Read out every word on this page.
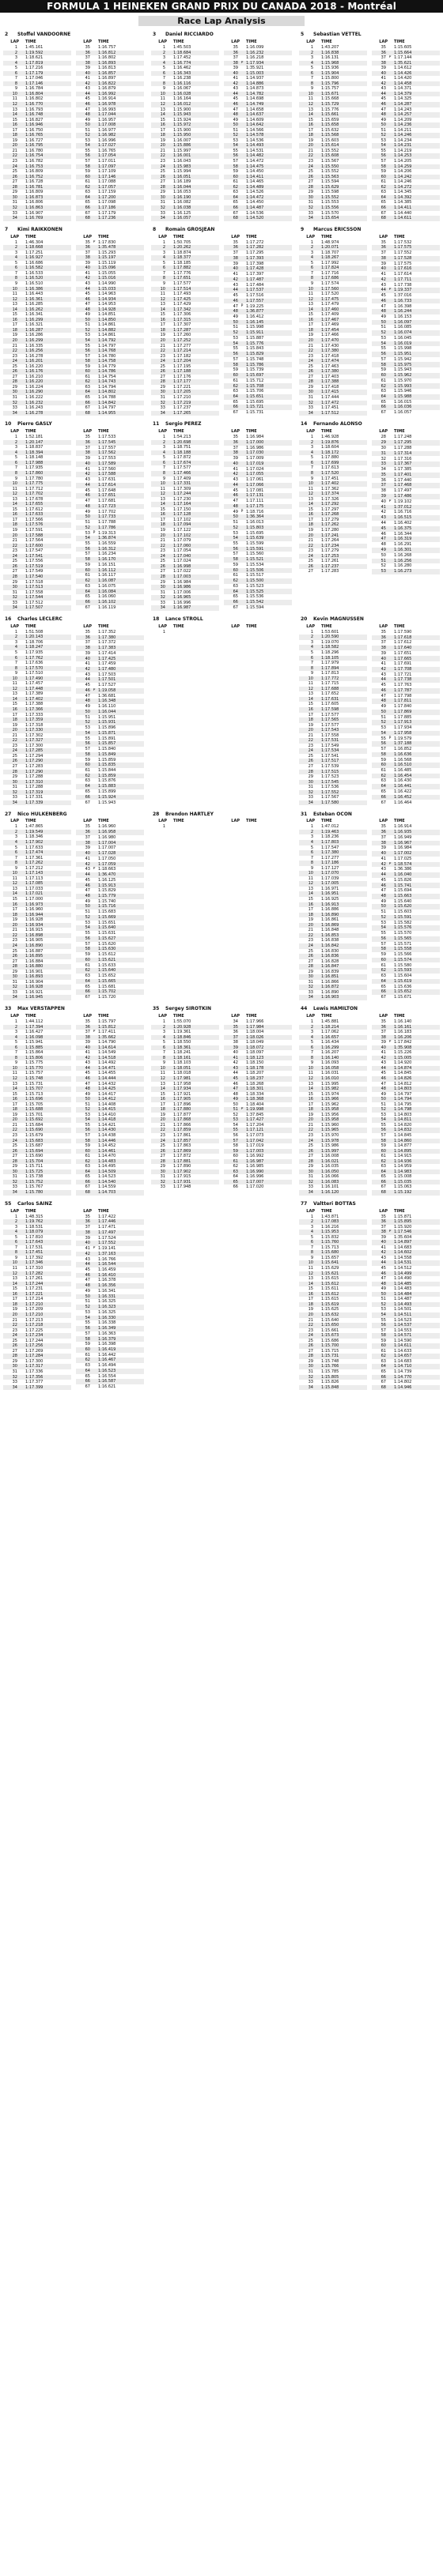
FORMULA 1 HEINEKEN GRAND PRIX DU CANADA 2018 - Montréal
Race Lap Analysis
2	Stoffel VANDOORNE
LAP		TIME
1		1:45.161
2		1:19.592
3		1:18.621
4		1:17.819
5		1:17.216
6		1:17.179
7		1:17.046
8		1:17.146
9		1:16.784
10		1:16.804
11		1:16.802
12		1:16.770
13		1:16.793
14		1:16.748
15		1:16.827
16		1:16.946
17		1:16.750
18		1:16.765
19		1:16.727
20		1:16.795
21		1:16.780
22		1:16.754
23		1:16.782
24		1:16.753
25		1:16.809
26		1:16.752
27		1:16.728
28		1:16.781
29		1:16.809
30		1:16.873
31		1:16.806
32		1:16.863
33		1:16.907
34		1:16.769
LAP		TIME
35		1:16.757
36		1:16.812
37		1:16.802
38		1:16.893
39		1:16.813
40		1:16.857
41		1:16.897
42		1:16.822
43		1:16.879
44		1:16.992
45		1:16.914
46		1:16.978
47		1:16.993
48		1:17.044
49		1:16.957
50		1:17.008
51		1:16.977
52		1:16.982
53		1:16.996
54		1:17.027
55		1:16.765
56		1:17.054
57		1:17.011
58		1:17.097
59		1:17.109
60		1:17.146
61		1:17.088
62		1:17.057
63		1:17.159
64		1:17.200
65		1:17.098
66		1:17.186
67		1:17.179
68		1:17.236
3	Daniel RICCIARDO
LAP		TIME
1		1:45.503
2		1:18.684
3		1:17.452
4		1:16.774
5		1:16.462
6		1:16.343
7		1:16.238
8		1:16.116
9		1:16.067
10		1:16.028
11		1:16.164
12		1:16.012
13		1:15.900
14		1:15.943
15		1:15.924
16		1:15.972
17		1:15.900
18		1:15.950
19		1:16.007
20		1:15.886
21		1:15.997
22		1:16.001
23		1:16.043
24		1:15.983
25		1:15.994
26		1:16.051
27		1:16.189
28		1:16.044
29		1:16.053
30		1:16.190
31		1:16.082
32		1:16.038
33		1:16.125
34		1:16.057
LAP		TIME
35		1:16.099
36		1:16.232
37		1:16.218
38	P	1:17.934
39		1:35.921
40		1:15.003
41		1:14.937
42		1:14.886
43		1:14.873
44		1:14.782
45		1:14.698
46		1:14.749
47		1:14.658
48		1:14.637
49		1:14.609
50		1:14.642
51		1:14.566
52		1:14.578
53		1:14.536
54		1:14.493
55		1:14.531
56		1:14.482
57		1:14.472
58		1:14.475
59		1:14.450
60		1:14.411
61		1:14.465
62		1:14.489
63		1:14.526
64		1:14.472
65		1:14.450
66		1:14.487
67		1:14.536
68		1:14.520
5	Sebastian VETTEL
LAP		TIME
1		1:43.207
2		1:16.838
3		1:16.131
4		1:15.968
5		1:15.936
6		1:15.904
7		1:15.800
8		1:15.796
9		1:15.757
10		1:15.671
11		1:15.668
12		1:15.729
13		1:15.776
14		1:15.661
15		1:15.659
16		1:15.658
17		1:15.632
18		1:15.568
19		1:15.603
20		1:15.614
21		1:15.552
22		1:15.608
23		1:15.567
24		1:15.550
25		1:15.552
26		1:15.563
27		1:15.594
28		1:15.629
29		1:15.598
30		1:15.552
31		1:15.553
32		1:15.556
33		1:15.570
34		1:15.654
LAP		TIME
35		1:15.605
36		1:15.664
37	P	1:17.144
38		1:35.621
39		1:14.612
40		1:14.426
41		1:14.420
42		1:14.458
43		1:14.371
44		1:14.379
45		1:14.325
46		1:14.287
47		1:14.243
48		1:14.257
49		1:14.209
50		1:14.236
51		1:14.211
52		1:14.246
53		1:14.234
54		1:14.231
55		1:14.219
56		1:14.253
57		1:14.205
58		1:14.259
59		1:14.206
60		1:14.242
61		1:14.246
62		1:14.272
63		1:14.345
64		1:14.392
65		1:14.385
66		1:14.411
67		1:14.440
68		1:14.611
7	Kimi RAIKKONEN
LAP		TIME
1		1:46.304
2		1:18.668
3		1:17.251
4		1:16.927
5		1:16.686
6		1:16.582
7		1:16.533
8		1:16.520
9		1:16.510
10		1:16.386
11		1:16.443
12		1:16.361
13		1:16.285
14		1:16.262
15		1:16.341
16		1:16.299
17		1:16.321
18		1:16.287
19		1:16.286
20		1:16.299
21		1:16.335
22		1:16.256
23		1:16.278
24		1:16.201
25		1:16.220
26		1:16.176
27		1:16.210
28		1:16.220
29		1:16.224
30		1:16.290
31		1:16.222
32		1:16.232
33		1:16.243
34		1:16.278
LAP		TIME
35	P	1:17.830
36		1:35.478
37		1:15.293
38		1:15.197
39		1:15.119
40		1:15.096
41		1:15.055
42		1:15.016
43		1:14.990
44		1:15.033
45		1:14.963
46		1:14.934
47		1:14.953
48		1:14.928
49		1:14.851
50		1:14.850
51		1:14.861
52		1:14.882
53		1:14.861
54		1:14.792
55		1:14.797
56		1:14.768
57		1:14.780
58		1:14.758
59		1:14.779
60		1:14.786
61		1:14.754
62		1:14.743
63		1:14.794
64		1:14.802
65		1:14.788
66		1:14.842
67		1:14.797
68		1:14.955
8	Romain GROSJEAN
LAP		TIME
1		1:50.705
2		1:20.262
3		1:18.874
4		1:18.377
5		1:18.185
6		1:17.882
7		1:17.776
8		1:17.651
9		1:17.577
10		1:17.514
11		1:17.493
12		1:17.425
13		1:17.429
14		1:17.342
15		1:17.306
16		1:17.315
17		1:17.307
18		1:17.287
19		1:17.260
20		1:17.252
21		1:17.277
22		1:17.214
23		1:17.182
24		1:17.204
25		1:17.195
26		1:17.188
27		1:17.176
28		1:17.177
29		1:17.221
30		1:17.205
31		1:17.210
32		1:17.219
33		1:17.237
34		1:17.265
LAP		TIME
35		1:17.272
36		1:17.282
37		1:17.295
38		1:17.393
39		1:17.398
40		1:17.428
41		1:17.397
42		1:17.487
43		1:17.484
44		1:17.537
45		1:17.516
46		1:17.557
47	P	1:19.225
48		1:36.877
49		1:16.412
50		1:16.145
51		1:15.998
52		1:15.911
53		1:15.887
54		1:15.776
55		1:15.843
56		1:15.829
57		1:15.748
58		1:15.786
59		1:15.739
60		1:15.697
61		1:15.712
62		1:15.708
63		1:15.706
64		1:15.651
65		1:15.695
66		1:15.721
67		1:15.731
9	Marcus ERICSSON
LAP		TIME
1		1:48.974
2		1:20.071
3		1:18.707
4		1:18.267
5		1:17.992
6		1:17.824
7		1:17.716
8		1:17.686
9		1:17.574
10		1:17.560
11		1:17.520
12		1:17.475
13		1:17.479
14		1:17.460
15		1:17.409
16		1:17.467
17		1:17.469
18		1:17.454
19		1:17.466
20		1:17.470
21		1:17.430
22		1:17.380
23		1:17.418
24		1:17.474
25		1:17.463
26		1:17.380
27		1:17.403
28		1:17.388
29		1:17.418
30		1:17.415
31		1:17.444
32		1:17.472
33		1:17.451
34		1:17.512
LAP		TIME
35		1:17.532
36		1:17.575
37		1:17.552
38		1:17.528
39		1:17.575
40		1:17.616
41		1:17.614
42		1:17.711
43		1:17.738
44	P	1:19.337
45		1:37.016
46		1:16.733
47		1:16.398
48		1:16.244
49		1:16.153
50		1:16.097
51		1:16.085
52		1:16.074
53		1:16.045
54		1:16.019
55		1:15.998
56		1:15.951
57		1:15.942
58		1:15.975
59		1:15.943
60		1:15.962
61		1:15.970
62		1:15.993
63		1:15.946
64		1:15.988
65		1:16.015
66		1:16.036
67		1:16.057
10	Pierre GASLY
LAP		TIME
1		1:52.181
2		1:20.147
3		1:18.837
4		1:18.394
5		1:18.148
6		1:17.988
7		1:17.935
8		1:17.860
9		1:17.780
10		1:17.775
11		1:17.712
12		1:17.702
13		1:17.678
14		1:17.655
15		1:17.612
16		1:17.633
17		1:17.566
18		1:17.576
19		1:17.591
20		1:17.588
21		1:17.564
22		1:17.600
23		1:17.547
24		1:17.541
25		1:17.556
26		1:17.519
27		1:17.549
28		1:17.540
29		1:17.518
30		1:17.513
31		1:17.558
32		1:17.544
33		1:17.512
34		1:17.507
LAP		TIME
35		1:17.533
36		1:17.545
37		1:17.557
38		1:17.562
39		1:17.553
40		1:17.589
41		1:17.560
42		1:17.588
43		1:17.631
44		1:17.614
45		1:17.648
46		1:17.651
47		1:17.681
48		1:17.723
49		1:17.702
50		1:17.733
51		1:17.788
52		1:17.786
53	P	1:19.313
54		1:36.874
55		1:16.559
56		1:16.312
57		1:16.234
58		1:16.170
59		1:16.151
60		1:16.112
61		1:16.117
62		1:16.087
63		1:16.075
64		1:16.084
65		1:16.060
66		1:16.102
67		1:16.119
11	Sergio PEREZ
LAP		TIME
1		1:54.213
2		1:20.698
3		1:18.751
4		1:18.188
5		1:17.872
6		1:17.674
7		1:17.577
8		1:17.466
9		1:17.409
10		1:17.331
11		1:17.309
12		1:17.244
13		1:17.230
14		1:17.164
15		1:17.150
16		1:17.128
17		1:17.102
18		1:17.094
19		1:17.122
20		1:17.102
21		1:17.079
22		1:17.060
23		1:17.054
24		1:17.040
25		1:17.024
26		1:16.998
27		1:17.022
28		1:17.003
29		1:16.984
30		1:16.986
31		1:17.006
32		1:16.965
33		1:16.996
34		1:16.987
LAP		TIME
35		1:16.984
36		1:17.000
37		1:16.986
38		1:17.030
39		1:17.009
40		1:17.019
41		1:17.024
42		1:17.055
43		1:17.061
44		1:17.066
45		1:17.081
46		1:17.131
47		1:17.111
48		1:17.175
49	P	1:18.716
50		1:36.364
51		1:16.013
52		1:15.803
53		1:15.695
54		1:15.639
55		1:15.599
56		1:15.591
57		1:15.560
58		1:15.521
59		1:15.534
60		1:15.506
61		1:15.517
62		1:15.500
63		1:15.523
64		1:15.525
65		1:15.536
66		1:15.542
67		1:15.594
14	Fernando ALONSO
LAP		TIME
1		1:46.928
2		1:19.876
3		1:18.604
4		1:18.172
5		1:17.880
6		1:17.699
7		1:17.613
8		1:17.520
9		1:17.451
10		1:17.402
11		1:17.362
12		1:17.374
13		1:17.326
14		1:17.292
15		1:17.297
16		1:17.268
17		1:17.279
18		1:17.262
19		1:17.280
20		1:17.241
21		1:17.264
22		1:17.234
23		1:17.279
24		1:17.253
25		1:17.261
26		1:17.237
27		1:17.283
LAP		TIME
28		1:17.248
29		1:17.295
30		1:17.288
31		1:17.314
32		1:17.316
33		1:17.367
34		1:17.385
35		1:17.401
36		1:17.440
37		1:17.468
38		1:17.497
39		1:17.486
40	P	1:19.102
41		1:37.012
42		1:16.716
43		1:16.515
44		1:16.402
45		1:16.375
46		1:16.344
47		1:16.319
48		1:16.291
49		1:16.301
50		1:16.268
51		1:16.256
52		1:16.280
53		1:16.273
16	Charles LECLERC
LAP		TIME
1		1:51.508
2		1:20.143
3		1:18.706
4		1:18.247
5		1:17.935
6		1:17.762
7		1:17.636
8		1:17.570
9		1:17.510
10		1:17.490
11		1:17.457
12		1:17.448
13		1:17.389
14		1:17.402
15		1:17.388
16		1:17.366
17		1:17.333
18		1:17.359
19		1:17.318
20		1:17.330
21		1:17.302
22		1:17.327
23		1:17.300
24		1:17.285
25		1:17.294
26		1:17.290
27		1:17.283
28		1:17.290
29		1:17.288
30		1:17.310
31		1:17.288
32		1:17.319
33		1:17.331
34		1:17.339
LAP		TIME
35		1:17.352
36		1:17.380
37		1:17.372
38		1:17.383
39		1:17.414
40		1:17.425
41		1:17.459
42		1:17.480
43		1:17.503
44		1:17.501
45		1:17.527
46	P	1:19.058
47		1:36.681
48		1:16.348
49		1:16.110
50		1:16.044
51		1:15.951
52		1:15.931
53		1:15.896
54		1:15.871
55		1:15.891
56		1:15.857
57		1:15.840
58		1:15.849
59		1:15.859
60		1:15.835
61		1:15.844
62		1:15.859
63		1:15.876
64		1:15.883
65		1:15.899
66		1:15.924
67		1:15.943
18	Lance STROLL
LAP		TIME
1		
LAP		TIME
20	Kevin MAGNUSSEN
LAP		TIME
1		1:53.601
2		1:20.590
3		1:19.070
4		1:18.582
5		1:18.296
6		1:18.105
7		1:17.979
8		1:17.894
9		1:17.813
10		1:17.772
11		1:17.715
12		1:17.688
13		1:17.652
14		1:17.631
15		1:17.605
16		1:17.598
17		1:17.577
18		1:17.565
19		1:17.577
20		1:17.543
21		1:17.558
22		1:17.531
23		1:17.549
24		1:17.534
25		1:17.541
26		1:17.517
27		1:17.539
28		1:17.515
29		1:17.523
30		1:17.545
31		1:17.536
32		1:17.552
33		1:17.567
34		1:17.580
LAP		TIME
35		1:17.590
36		1:17.618
37		1:17.612
38		1:17.640
39		1:17.651
40		1:17.665
41		1:17.691
42		1:17.708
43		1:17.721
44		1:17.738
45		1:17.763
46		1:17.787
47		1:17.798
48		1:17.811
49		1:17.840
50		1:17.869
51		1:17.885
52		1:17.913
53		1:17.934
54		1:17.958
55	P	1:19.579
56		1:37.188
57		1:16.852
58		1:16.636
59		1:16.568
60		1:16.510
61		1:16.485
62		1:16.454
63		1:16.430
64		1:16.441
65		1:16.422
66		1:16.452
67		1:16.464
27	Nico HULKENBERG
LAP		TIME
1		1:47.865
2		1:19.549
3		1:18.346
4		1:17.902
5		1:17.633
6		1:17.474
7		1:17.361
8		1:17.262
9		1:17.212
10		1:17.143
11		1:17.113
12		1:17.085
13		1:17.033
14		1:17.021
15		1:17.000
16		1:16.973
17		1:16.960
18		1:16.944
19		1:16.928
20		1:16.934
21		1:16.915
22		1:16.898
23		1:16.905
24		1:16.890
25		1:16.887
26		1:16.895
27		1:16.884
28		1:16.880
29		1:16.901
30		1:16.893
31		1:16.904
32		1:16.928
33		1:16.921
34		1:16.945
LAP		TIME
35		1:16.960
36		1:16.958
37		1:16.980
38		1:17.004
39		1:17.007
40		1:17.028
41		1:17.050
42		1:17.059
43	P	1:18.663
44		1:36.470
45		1:16.125
46		1:15.913
47		1:15.829
48		1:15.779
49		1:15.740
50		1:15.716
51		1:15.683
52		1:15.669
53		1:15.651
54		1:15.640
55		1:15.631
56		1:15.627
57		1:15.620
58		1:15.630
59		1:15.612
60		1:15.621
61		1:15.633
62		1:15.640
63		1:15.652
64		1:15.665
65		1:15.681
66		1:15.702
67		1:15.720
28	Brendon HARTLEY
LAP		TIME
1		
LAP		TIME
31	Esteban OCON
LAP		TIME
1		1:47.012
2		1:19.463
3		1:18.236
4		1:17.803
5		1:17.547
6		1:17.380
7		1:17.277
8		1:17.186
9		1:17.127
10		1:17.070
11		1:17.039
12		1:17.005
13		1:16.971
14		1:16.951
15		1:16.925
16		1:16.913
17		1:16.886
18		1:16.890
19		1:16.861
20		1:16.869
21		1:16.848
22		1:16.853
23		1:16.838
24		1:16.842
25		1:16.830
26		1:16.836
27		1:16.828
28		1:16.847
29		1:16.839
30		1:16.851
31		1:16.866
32		1:16.872
33		1:16.890
34		1:16.903
LAP		TIME
35		1:16.914
36		1:16.935
37		1:16.949
38		1:16.967
39		1:16.984
40		1:17.002
41		1:17.025
42	P	1:18.574
43		1:36.386
44		1:16.040
45		1:15.826
46		1:15.741
47		1:15.694
48		1:15.663
49		1:15.640
50		1:15.620
51		1:15.603
52		1:15.591
53		1:15.582
54		1:15.576
55		1:15.570
56		1:15.565
57		1:15.571
58		1:15.558
59		1:15.566
60		1:15.574
61		1:15.580
62		1:15.593
63		1:15.604
64		1:15.619
65		1:15.636
66		1:15.652
67		1:15.671
33	Max VERSTAPPEN
LAP		TIME
1		1:44.112
2		1:17.394
3		1:16.427
4		1:16.098
5		1:15.941
6		1:15.885
7		1:15.864
8		1:15.806
9		1:15.775
10		1:15.770
11		1:15.757
12		1:15.748
13		1:15.731
14		1:15.707
15		1:15.713
16		1:15.696
17		1:15.705
18		1:15.688
19		1:15.701
20		1:15.692
21		1:15.684
22		1:15.690
23		1:15.679
24		1:15.683
25		1:15.687
26		1:15.694
27		1:15.690
28		1:15.704
29		1:15.711
30		1:15.725
31		1:15.738
32		1:15.752
33		1:15.767
34		1:15.780
LAP		TIME
35		1:15.797
36		1:15.812
37	P	1:17.411
38		1:35.662
39		1:14.790
40		1:14.614
41		1:14.549
42		1:14.518
43		1:14.492
44		1:14.471
45		1:14.455
46		1:14.444
47		1:14.432
48		1:14.425
49		1:14.417
50		1:14.412
51		1:14.408
52		1:14.415
53		1:14.410
54		1:14.418
55		1:14.421
56		1:14.430
57		1:14.438
58		1:14.446
59		1:14.452
60		1:14.461
61		1:14.470
62		1:14.483
63		1:14.495
64		1:14.509
65		1:14.523
66		1:14.540
67		1:14.559
68		1:14.703
35	Sergey SIROTKIN
LAP		TIME
1		1:55.070
2		1:20.928
3		1:19.361
4		1:18.846
5		1:18.550
6		1:18.361
7		1:18.241
8		1:18.161
9		1:18.103
10		1:18.051
11		1:18.018
12		1:17.981
13		1:17.958
14		1:17.934
15		1:17.921
16		1:17.905
17		1:17.896
18		1:17.880
19		1:17.877
20		1:17.868
21		1:17.866
22		1:17.859
23		1:17.861
24		1:17.857
25		1:17.863
26		1:17.869
27		1:17.872
28		1:17.881
29		1:17.890
30		1:17.902
31		1:17.915
32		1:17.931
33		1:17.948
LAP		TIME
34		1:17.966
35		1:17.984
36		1:18.004
37		1:18.026
38		1:18.049
39		1:18.072
40		1:18.097
41		1:18.123
42		1:18.150
43		1:18.178
44		1:18.207
45		1:18.237
46		1:18.268
47		1:18.301
48		1:18.334
49		1:18.368
50		1:18.404
51	P	1:19.998
52		1:37.845
53		1:17.427
54		1:17.204
55		1:17.121
56		1:17.073
57		1:17.042
58		1:17.019
59		1:17.003
60		1:16.992
61		1:16.987
62		1:16.985
63		1:16.990
64		1:16.996
65		1:17.007
66		1:17.020
44	Lewis HAMILTON
LAP		TIME
1		1:45.881
2		1:18.214
3		1:17.062
4		1:16.657
5		1:16.434
6		1:16.299
7		1:16.207
8		1:16.140
9		1:16.093
10		1:16.058
11		1:16.031
12		1:16.010
13		1:15.995
14		1:15.982
15		1:15.974
16		1:15.966
17		1:15.962
18		1:15.958
19		1:15.956
20		1:15.958
21		1:15.960
22		1:15.965
23		1:15.970
24		1:15.978
25		1:15.986
26		1:15.997
27		1:16.008
28		1:16.021
29		1:16.035
30		1:16.050
31		1:16.066
32		1:16.083
33		1:16.101
34		1:16.120
LAP		TIME
35		1:16.140
36		1:16.161
37		1:16.183
38		1:16.206
39	P	1:17.842
40		1:35.908
41		1:15.226
42		1:15.005
43		1:14.920
44		1:14.874
45		1:14.845
46		1:14.826
47		1:14.812
48		1:14.803
49		1:14.797
50		1:14.794
51		1:14.795
52		1:14.798
53		1:14.803
54		1:14.811
55		1:14.820
56		1:14.832
57		1:14.845
58		1:14.860
59		1:14.877
60		1:14.895
61		1:14.915
62		1:14.936
63		1:14.959
64		1:14.983
65		1:15.008
66		1:15.035
67		1:15.063
68		1:15.192
55	Carlos SAINZ
LAP		TIME
1		1:48.315
2		1:19.762
3		1:18.531
4		1:18.079
5		1:17.810
6		1:17.643
7		1:17.531
8		1:17.451
9		1:17.392
10		1:17.346
11		1:17.310
12		1:17.282
13		1:17.261
14		1:17.244
15		1:17.231
16		1:17.221
17		1:17.214
18		1:17.210
19		1:17.209
20		1:17.210
21		1:17.213
22		1:17.218
23		1:17.225
24		1:17.234
25		1:17.244
26		1:17.256
27		1:17.269
28		1:17.284
29		1:17.300
30		1:17.317
31		1:17.336
32		1:17.356
33		1:17.377
34		1:17.399
LAP		TIME
35		1:17.422
36		1:17.446
37		1:17.471
38		1:17.497
39		1:17.524
40		1:17.552
41	P	1:19.141
42		1:37.163
43		1:16.766
44		1:16.544
45		1:16.459
46		1:16.410
47		1:16.378
48		1:16.356
49		1:16.341
50		1:16.331
51		1:16.325
52		1:16.323
53		1:16.325
54		1:16.330
55		1:16.338
56		1:16.349
57		1:16.363
58		1:16.379
59		1:16.398
60		1:16.419
61		1:16.442
62		1:16.467
63		1:16.494
64		1:16.523
65		1:16.554
66		1:16.587
67		1:16.621
77	Valtteri BOTTAS
LAP		TIME
1		1:43.871
2		1:17.083
3		1:16.216
4		1:15.953
5		1:15.832
6		1:15.760
7		1:15.713
8		1:15.680
9		1:15.657
10		1:15.641
11		1:15.629
12		1:15.621
13		1:15.615
14		1:15.612
15		1:15.611
16		1:15.612
17		1:15.615
18		1:15.619
19		1:15.625
20		1:15.632
21		1:15.640
22		1:15.650
23		1:15.661
24		1:15.673
25		1:15.686
26		1:15.700
27		1:15.715
28		1:15.731
29		1:15.748
30		1:15.766
31		1:15.785
32		1:15.805
33		1:15.826
34		1:15.848
LAP		TIME
35		1:15.871
36		1:15.895
37		1:15.920
38	P	1:17.546
39		1:35.604
40		1:14.897
41		1:14.683
42		1:14.602
43		1:14.558
44		1:14.531
45		1:14.512
46		1:14.499
47		1:14.490
48		1:14.485
49		1:14.483
50		1:14.484
51		1:14.487
52		1:14.493
53		1:14.501
54		1:14.511
55		1:14.523
56		1:14.537
57		1:14.553
58		1:14.571
59		1:14.590
60		1:14.611
61		1:14.633
62		1:14.657
63		1:14.683
64		1:14.710
65		1:14.739
66		1:14.770
67		1:14.802
68		1:14.946
